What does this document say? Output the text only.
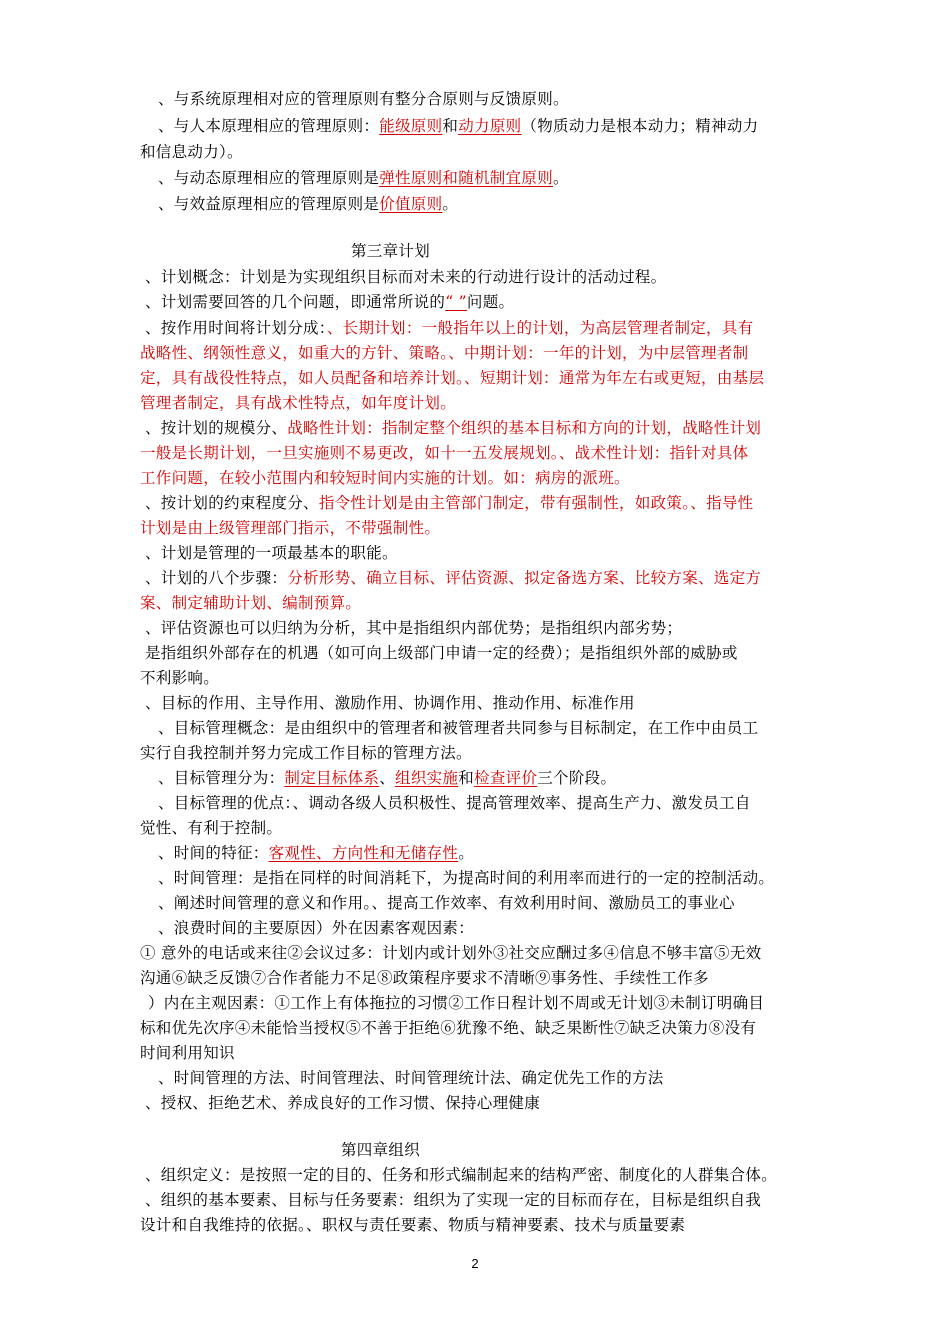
、与系统原理相对应的管理原则有整分合原则与反馈原则。
、与人本原理相应的管理原则：能级原则和动力原则（物质动力是根本动力；精神动力
和信息动力）。
、与动态原理相应的管理原则是弹性原则和随机制宜原则。
、与效益原理相应的管理原则是价值原则。
第三章计划
、计划概念：计划是为实现组织目标而对未来的行动进行设计的活动过程。
、计划需要回答的几个问题，即通常所说的“ ”问题。
、按作用时间将计划分成：、长期计划：一般指年以上的计划，为高层管理者制定，具有
战略性、纲领性意义，如重大的方针、策略。、中期计划：一年的计划，为中层管理者制
定，具有战役性特点，如人员配备和培养计划。、短期计划：通常为年左右或更短，由基层
管理者制定，具有战术性特点，如年度计划。
、按计划的规模分、战略性计划：指制定整个组织的基本目标和方向的计划，战略性计划
一般是长期计划，一旦实施则不易更改，如十一五发展规划。、战术性计划：指针对具体
工作问题，在较小范围内和较短时间内实施的计划。如：病房的派班。
、按计划的约束程度分、指令性计划是由主管部门制定，带有强制性，如政策。、指导性
计划是由上级管理部门指示，不带强制性。
、计划是管理的一项最基本的职能。
、计划的八个步骤：分析形势、确立目标、评估资源、拟定备选方案、比较方案、选定方
案、制定辅助计划、编制预算。
、评估资源也可以归纳为分析，其中是指组织内部优势；是指组织内部劣势；
是指组织外部存在的机遇（如可向上级部门申请一定的经费）；是指组织外部的威胁或
不利影响。
、目标的作用、主导作用、激励作用、协调作用、推动作用、标准作用
、目标管理概念：是由组织中的管理者和被管理者共同参与目标制定，在工作中由员工
实行自我控制并努力完成工作目标的管理方法。
、目标管理分为：制定目标体系、组织实施和检查评价三个阶段。
、目标管理的优点：、调动各级人员积极性、提高管理效率、提高生产力、激发员工自
觉性、有利于控制。
、时间的特征：客观性、方向性和无储存性。
、时间管理：是指在同样的时间消耗下，为提高时间的利用率而进行的一定的控制活动。
、阐述时间管理的意义和作用。、提高工作效率、有效利用时间、激励员工的事业心
、浪费时间的主要原因）外在因素客观因素：
① 意外的电话或来往②会议过多：计划内或计划外③社交应酬过多④信息不够丰富⑤无效
沟通⑥缺乏反馈⑦合作者能力不足⑧政策程序要求不清晰⑨事务性、手续性工作多
）内在主观因素：①工作上有体拖拉的习惯②工作日程计划不周或无计划③未制订明确目
标和优先次序④未能恰当授权⑤不善于拒绝⑥犹豫不绝、缺乏果断性⑦缺乏决策力⑧没有
时间利用知识
、时间管理的方法、时间管理法、时间管理统计法、确定优先工作的方法
、授权、拒绝艺术、养成良好的工作习惯、保持心理健康
第四章组织
、组织定义：是按照一定的目的、任务和形式编制起来的结构严密、制度化的人群集合体。
、组织的基本要素、目标与任务要素：组织为了实现一定的目标而存在，目标是组织自我
设计和自我维持的依据。、职权与责任要素、物质与精神要素、技术与质量要素
2
